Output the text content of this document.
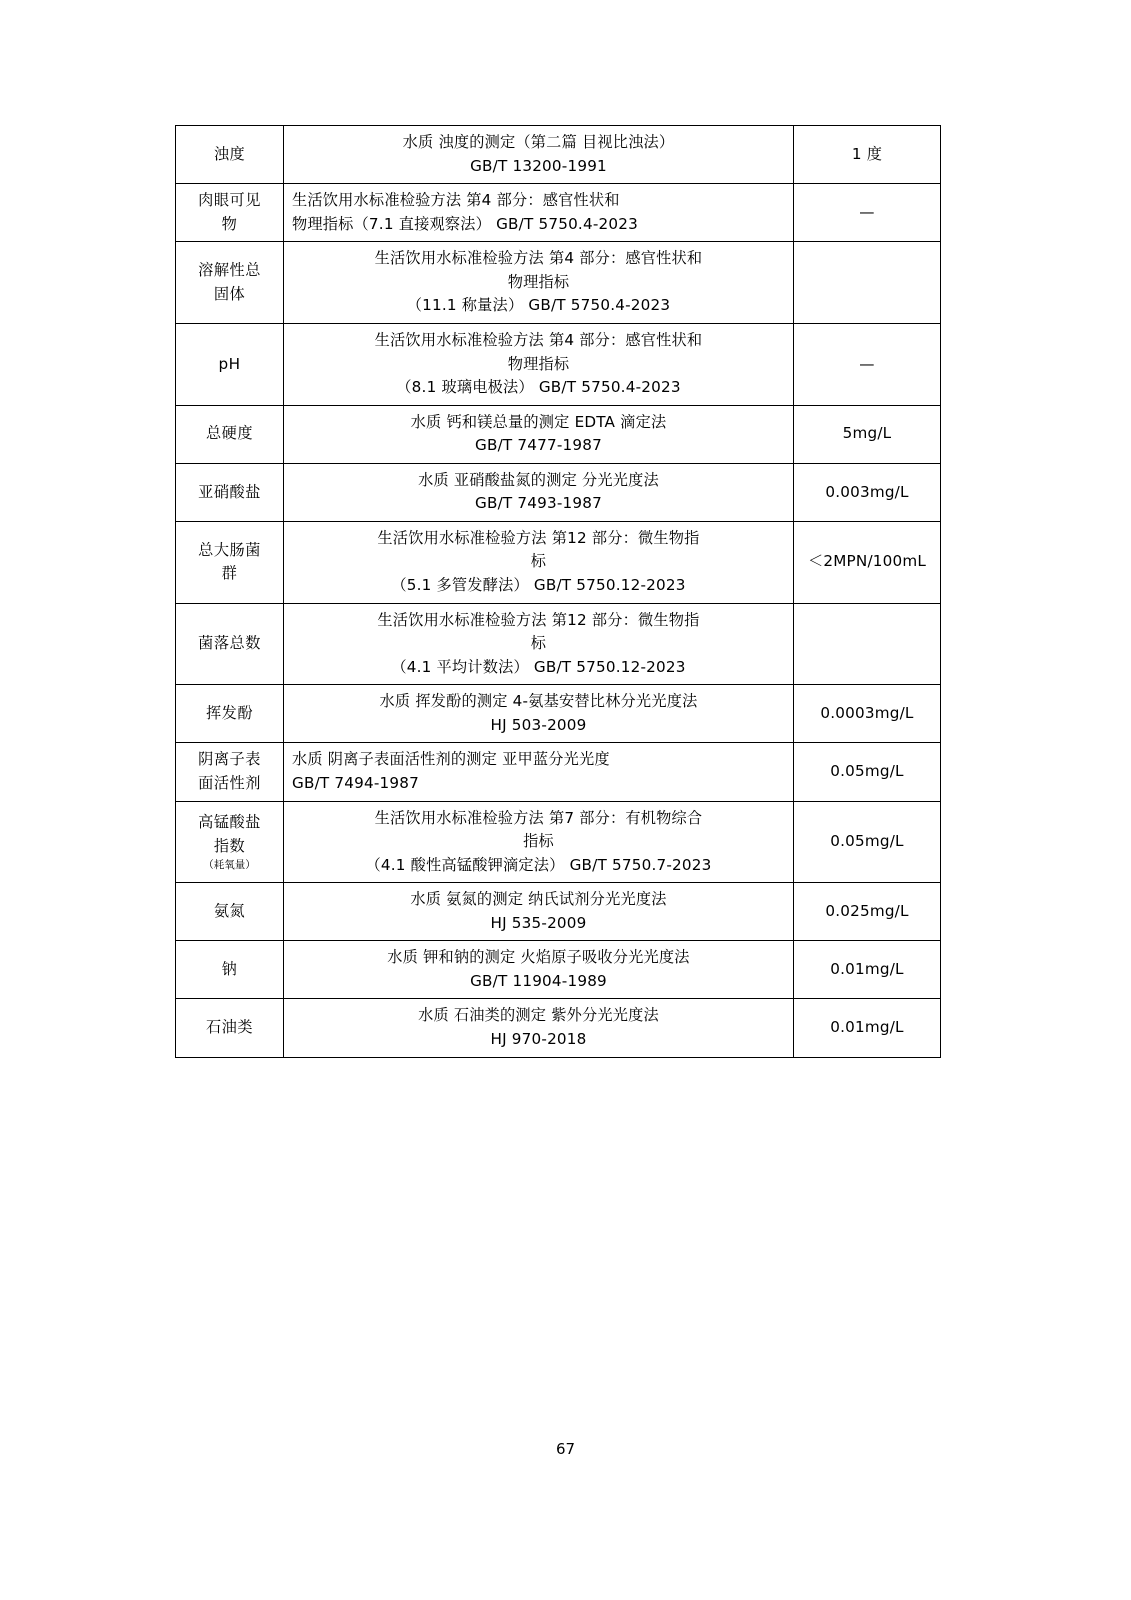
浊度	水质 浊度的测定（第二篇 目视比浊法）
GB/T 13200-1991	1 度

肉眼可见
物	生活饮用水标准检验方法 第4 部分：感官性状和
物理指标（7.1 直接观察法） GB/T 5750.4-2023	—

溶解性总
固体	生活饮用水标准检验方法 第4 部分：感官性状和
物理指标
（11.1 称量法） GB/T 5750.4-2023	

pH	生活饮用水标准检验方法 第4 部分：感官性状和
物理指标
（8.1 玻璃电极法） GB/T 5750.4-2023	—

总硬度	水质 钙和镁总量的测定 EDTA 滴定法
GB/T 7477-1987	5mg/L

亚硝酸盐	水质 亚硝酸盐氮的测定 分光光度法
GB/T 7493-1987	0.003mg/L

总大肠菌
群	生活饮用水标准检验方法 第12 部分：微生物指
标
（5.1 多管发酵法） GB/T 5750.12-2023	＜2MPN/100mL

菌落总数	生活饮用水标准检验方法 第12 部分：微生物指
标
（4.1 平均计数法） GB/T 5750.12-2023	

挥发酚	水质 挥发酚的测定 4-氨基安替比林分光光度法
HJ 503-2009	0.0003mg/L

阴离子表
面活性剂	水质 阴离子表面活性剂的测定 亚甲蓝分光光度
GB/T 7494-1987	0.05mg/L

高锰酸盐
指数
（耗氧量）	生活饮用水标准检验方法 第7 部分：有机物综合
指标
（4.1 酸性高锰酸钾滴定法） GB/T 5750.7-2023	0.05mg/L

氨氮	水质 氨氮的测定 纳氏试剂分光光度法
HJ 535-2009	0.025mg/L

钠	水质 钾和钠的测定 火焰原子吸收分光光度法
GB/T 11904-1989	0.01mg/L

石油类	水质 石油类的测定 紫外分光光度法
HJ 970-2018	0.01mg/L
67
